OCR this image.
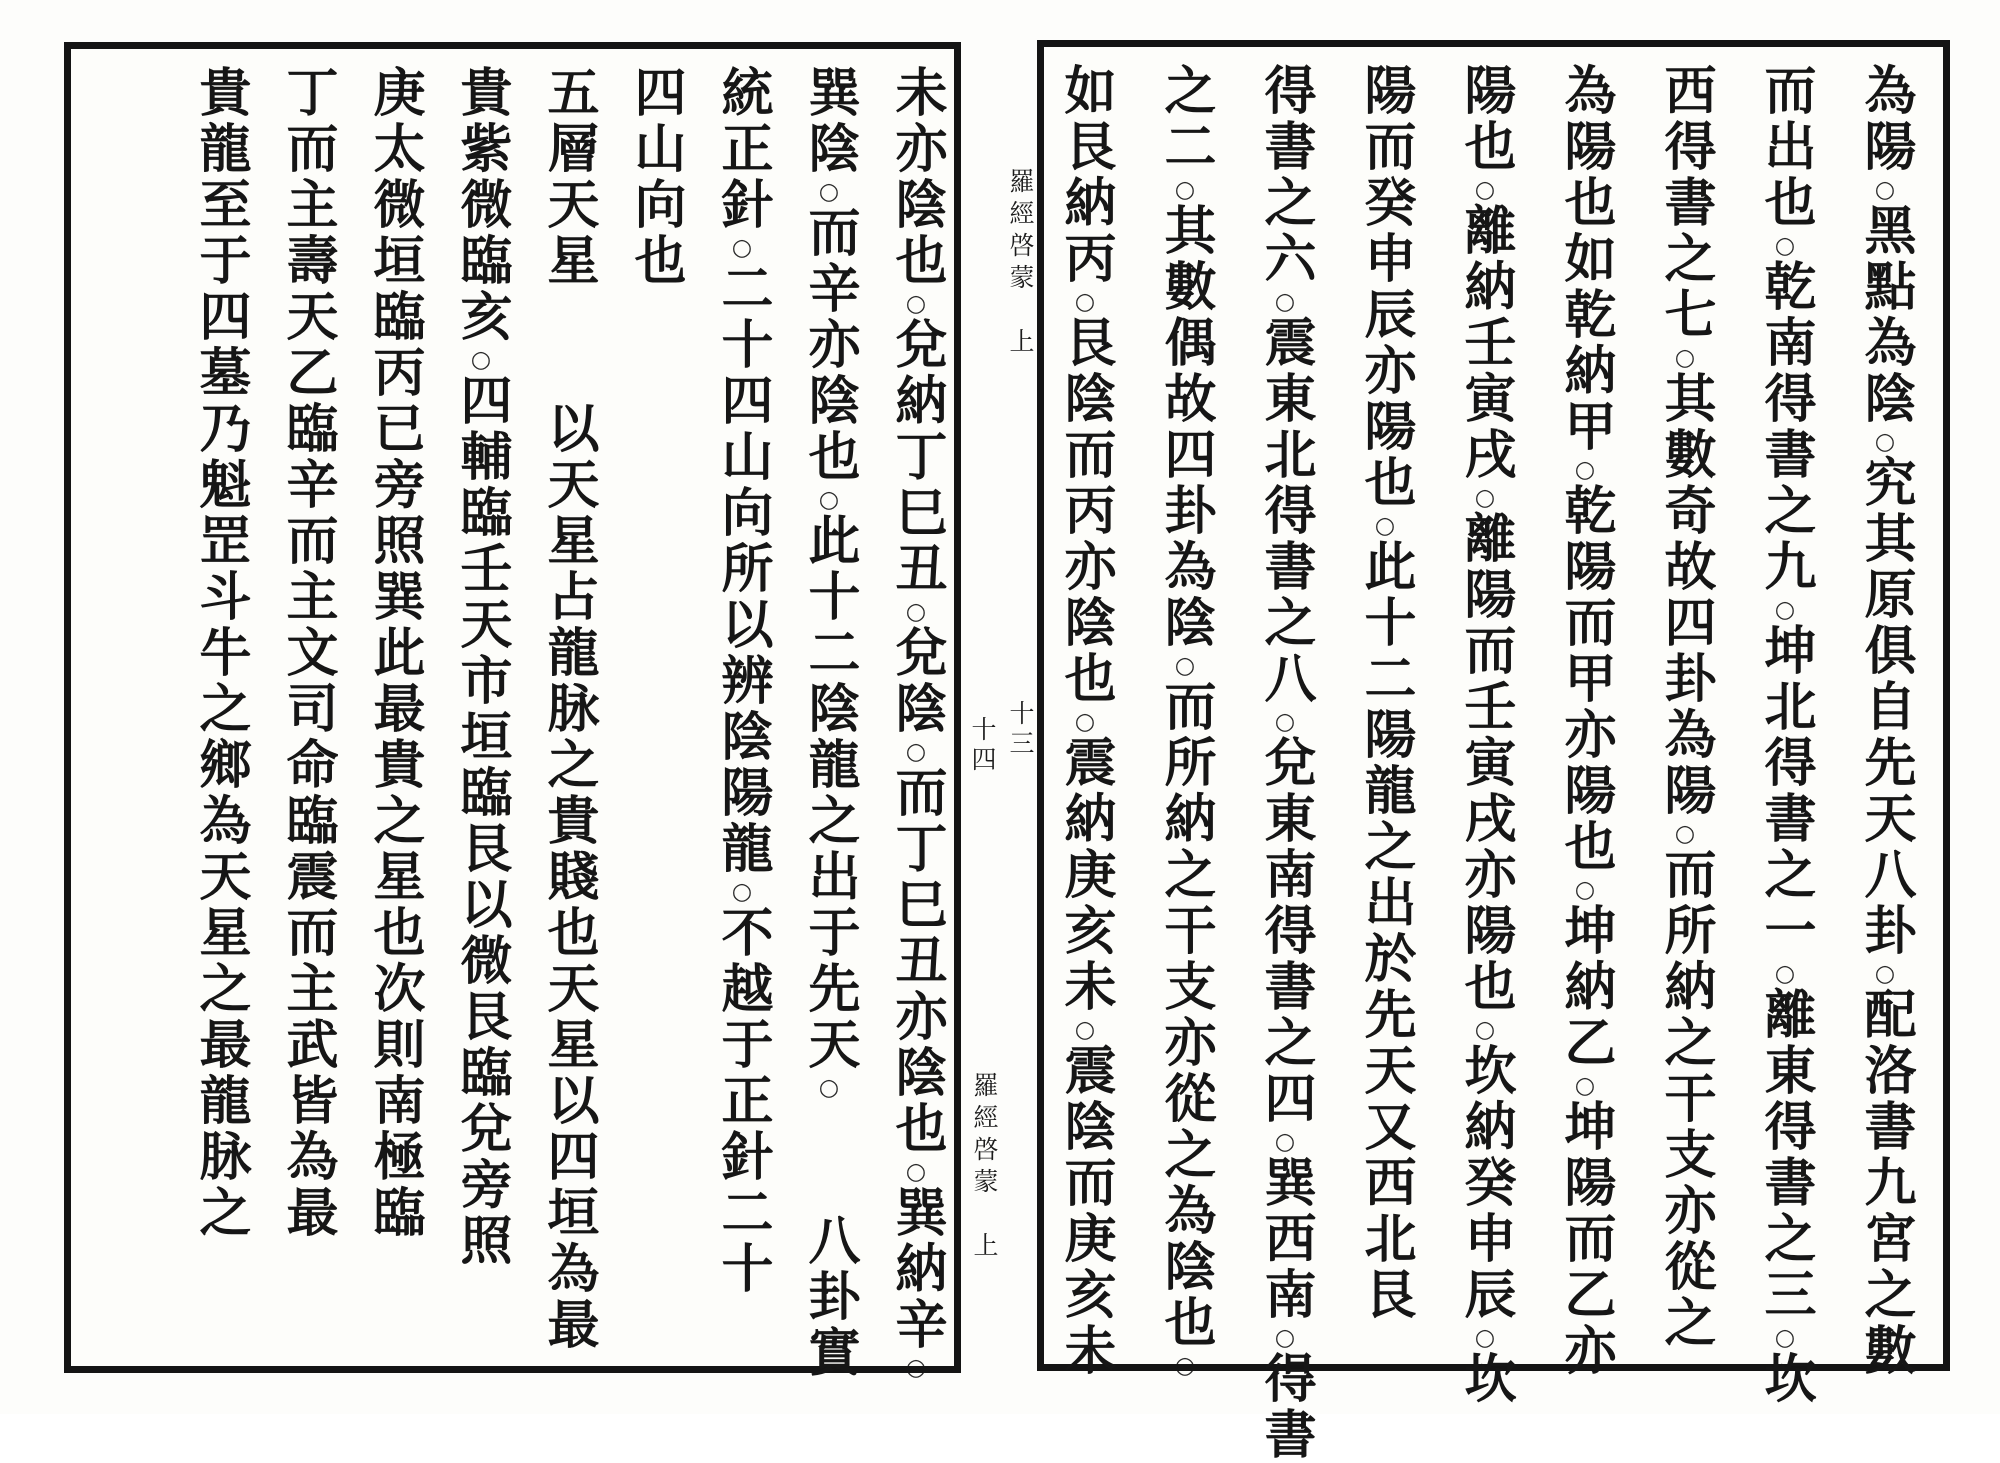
為陽○黑點為陰○究其原俱自先天八卦○配洛書九宮之數
而出也○乾南得書之九○坤北得書之一○離東得書之三○坎
西得書之七○其數奇故四卦為陽○而所納之干支亦從之
為陽也如乾納甲○乾陽而甲亦陽也○坤納乙○坤陽而乙亦
陽也○離納壬寅戌○離陽而壬寅戌亦陽也○坎納癸申辰○坎
陽而癸申辰亦陽也○此十二陽龍之出於先天又西北艮
得書之六○震東北得書之八○兌東南得書之四○巽西南○得書
之二○其數偶故四卦為陰○而所納之干支亦從之為陰也○
如艮納丙○艮陰而丙亦陰也○震納庚亥未○震陰而庚亥未
羅經啓蒙　上
十三
十四
羅經啓蒙　上
未亦陰也○兌納丁巳丑○兌陰○而丁巳丑亦陰也○巽納辛○
巽陰○而辛亦陰也○此十二陰龍之出于先天○　　八卦實
統正針○二十四山向所以辨陰陽龍○不越于正針二十
四山向也
五層天星　　以天星占龍脉之貴賤也天星以四垣為最
貴紫微臨亥○四輔臨壬天市垣臨艮以微艮臨兌旁照
庚太微垣臨丙已旁照巽此最貴之星也次則南極臨
丁而主壽天乙臨辛而主文司命臨震而主武皆為最
貴龍至于四墓乃魁罡斗牛之鄉為天星之最龍脉之
